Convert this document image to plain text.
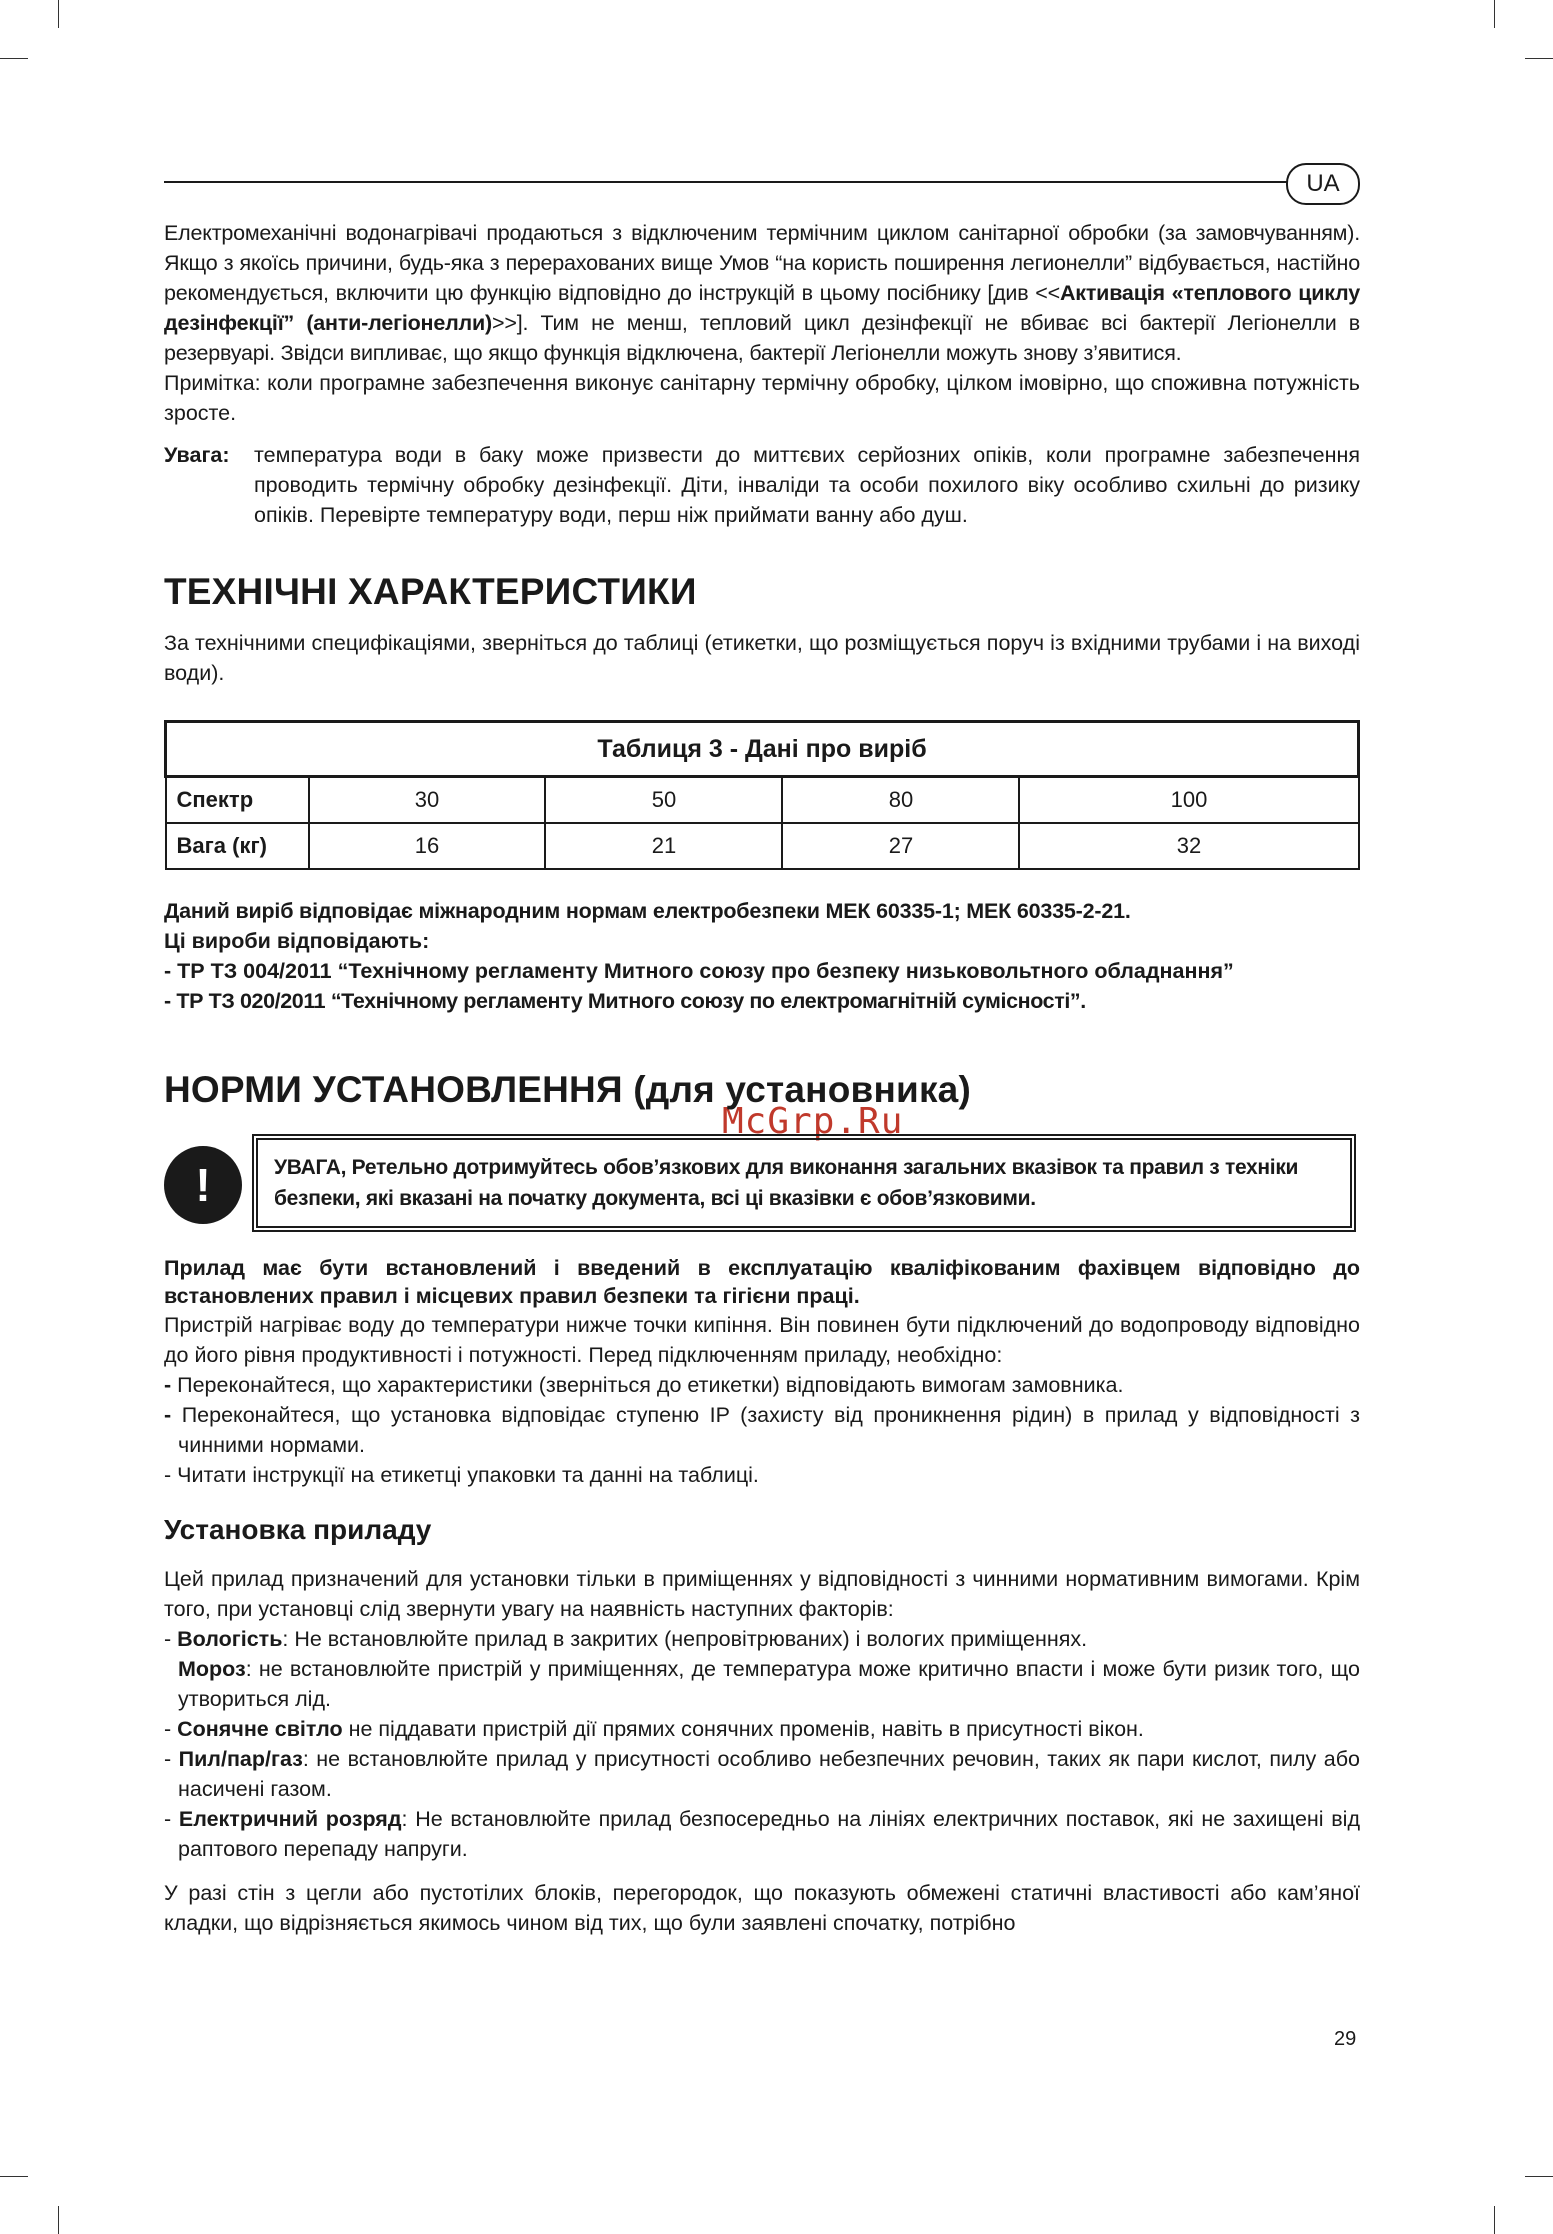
UA
McGrp.Ru

Електромеханічні водонагрівачі продаються з відключеним термічним циклом санітарної обробки (за замовчуванням). Якщо з якоїсь причини, будь-яка з перерахованих вище Умов “на користь поширення легионелли” відбувається, настійно рекомендується, включити цю функцію відповідно до інструкцій в цьому посібнику [див <<Активація «теплового циклу дезінфекції” (анти-легіонелли)>>]. Тим не менш, тепловий цикл дезінфекції не вбиває всі бактерії Легіонелли в резервуарі. Звідси випливає, що якщо функція відключена, бактерії Легіонелли можуть знову з’явитися.

Примітка: коли програмне забезпечення виконує санітарну термічну обробку, цілком імовірно, що споживна потужність зросте.

Увага:	температура води в баку може призвести до миттєвих серйозних опіків, коли програмне забезпечення проводить термічну обробку дезінфекції. Діти, інваліди та особи похилого віку особливо схильні до ризику опіків. Перевірте температуру води, перш ніж приймати ванну або душ.

ТЕХНІЧНІ ХАРАКТЕРИСТИКИ

За технічними специфікаціями, зверніться до таблиці (етикетки, що розміщується поруч із вхідними трубами і на виході води).

Таблиця 3 - Дані про виріб				
Спектр	30	50	80	100
Вага (кг)	16	21	27	32

Даний виріб відповідає міжнародним нормам електробезпеки МЕК 60335-1; МЕК 60335-2-21.

Ці вироби відповідають:

- ТР ТЗ 004/2011 “Технічному регламенту Митного союзу про безпеку низьковольтного обладнання”

- ТР ТЗ 020/2011 “Технічному регламенту Митного союзу по електромагнітній сумісності”.

НОРМИ УСТАНОВЛЕННЯ (для установника)
!	УВАГА, Ретельно дотримуйтесь обов’язкових для виконання загальних вказівок та правил з техніки безпеки, які вказані на початку документа, всі ці вказівки є обов’язковими.

Прилад має бути встановлений і введений в експлуатацію кваліфікованим фахівцем відповідно до встановлених правил і місцевих правил безпеки та гігієни праці.

Пристрій нагріває воду до температури нижче точки кипіння. Він повинен бути підключений до водопроводу відповідно до його рівня продуктивності і потужності. Перед підключенням приладу, необхідно:

- Переконайтеся, що характеристики (зверніться до етикетки) відповідають вимогам замовника.

- Переконайтеся, що установка відповідає ступеню IP (захисту від проникнення рідин) в прилад у відповідності з чинними нормами.

- Читати інструкції на етикетці упаковки та данні на таблиці.

Установка приладу

Цей прилад призначений для установки тільки в приміщеннях у відповідності з чинними нормативним вимогами. Крім того, при установці слід звернути увагу на наявність наступних факторів:

- Вологість: Не встановлюйте прилад в закритих (непровітрюваних) і вологих приміщеннях.

Мороз: не встановлюйте пристрій у приміщеннях, де температура може критично впасти і може бути ризик того, що утвориться лід.

- Сонячне світло не піддавати пристрій дії прямих сонячних променів, навіть в присутності вікон.

- Пил/пар/газ: не встановлюйте прилад у присутності особливо небезпечних речовин, таких як пари кислот, пилу або насичені газом.

- Електричний розряд: Не встановлюйте прилад безпосередньо на лініях електричних поставок, які не захищені від раптового перепаду напруги.

У разі стін з цегли або пустотілих блоків, перегородок, що показують обмежені статичні властивості або кам’яної кладки, що відрізняється якимось чином від тих, що були заявлені спочатку, потрібно

29
